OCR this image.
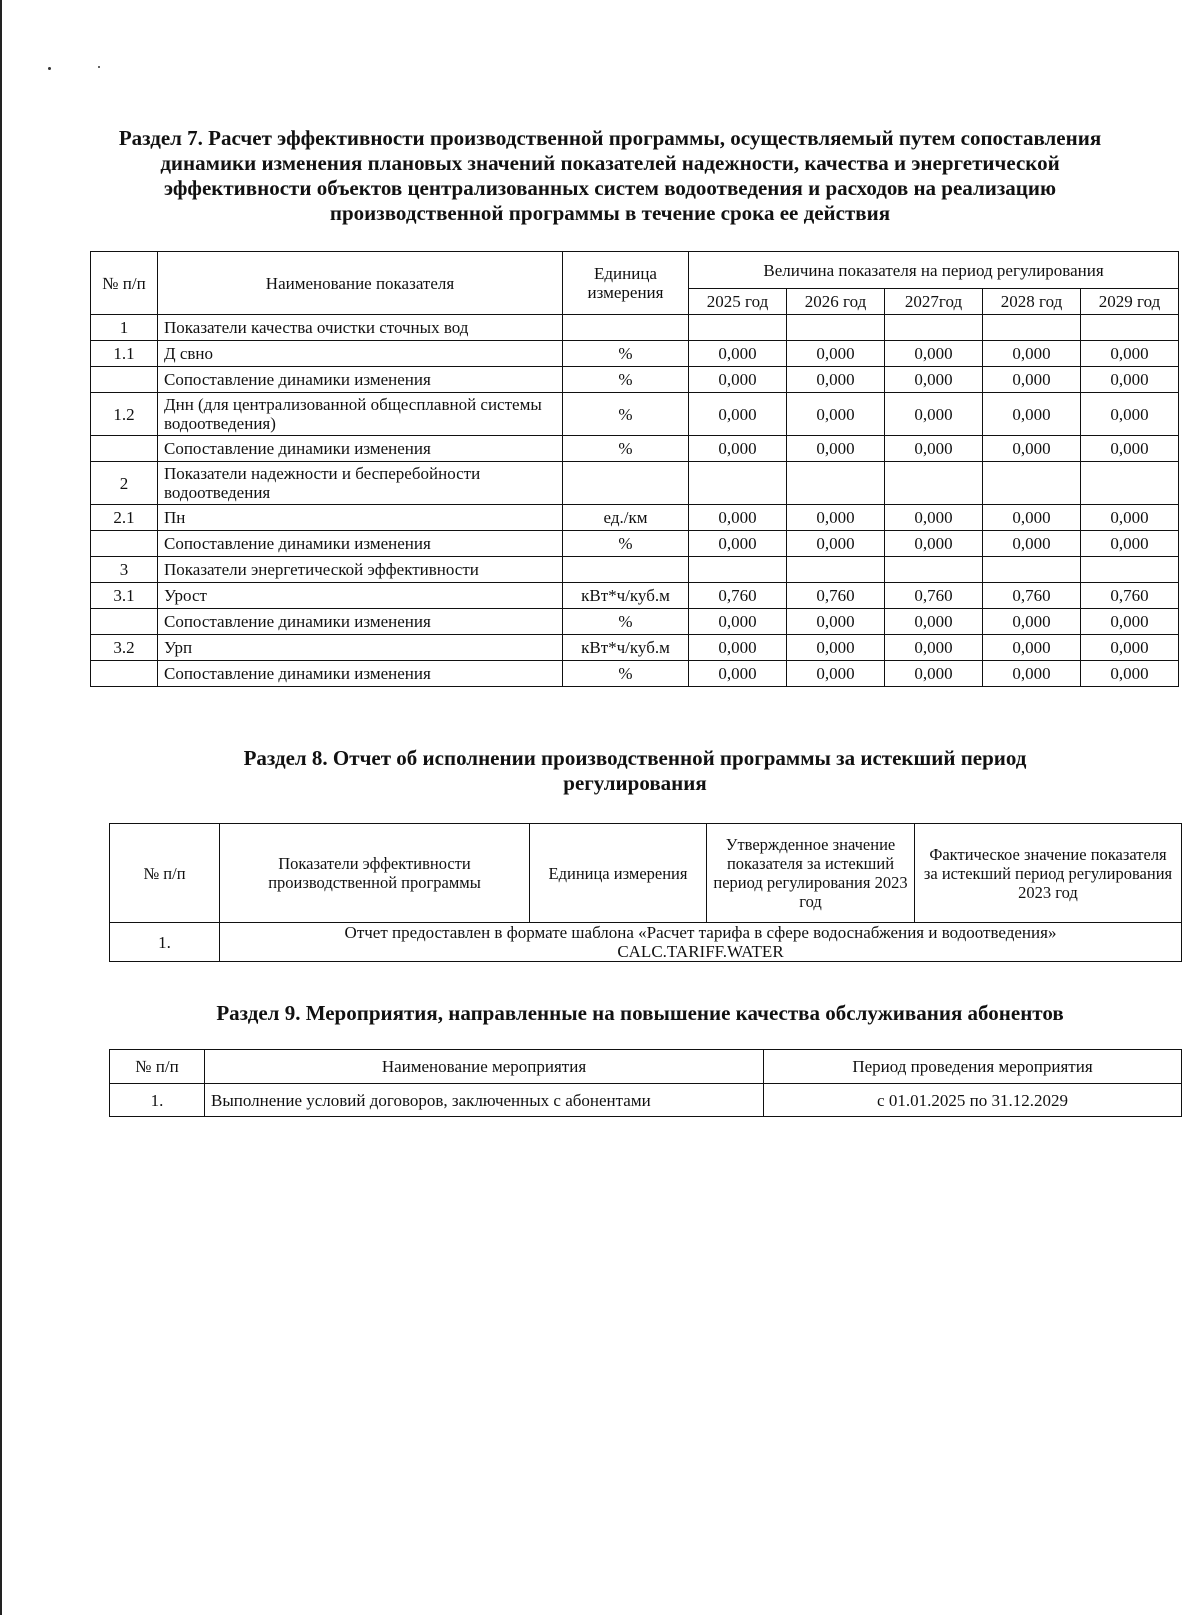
Раздел 7. Расчет эффективности производственной программы, осуществляемый путем сопоставления динамики изменения плановых значений показателей надежности, качества и энергетической эффективности объектов централизованных систем водоотведения и расходов на реализацию производственной программы в течение срока ее действия
№ п/п	Наименование показателя	Единица измерения	Величина показателя на период регулирования				
			2025 год	2026 год	2027год	2028 год	2029 год
1	Показатели качества очистки сточных вод						
1.1	Д свно	%	0,000	0,000	0,000	0,000	0,000
	Сопоставление динамики изменения	%	0,000	0,000	0,000	0,000	0,000
1.2	Днн (для централизованной общесплавной системы водоотведения)	%	0,000	0,000	0,000	0,000	0,000
	Сопоставление динамики изменения	%	0,000	0,000	0,000	0,000	0,000
2	Показатели надежности и бесперебойности водоотведения						
2.1	Пн	ед./км	0,000	0,000	0,000	0,000	0,000
	Сопоставление динамики изменения	%	0,000	0,000	0,000	0,000	0,000
3	Показатели энергетической эффективности						
3.1	Урост	кВт*ч/куб.м	0,760	0,760	0,760	0,760	0,760
	Сопоставление динамики изменения	%	0,000	0,000	0,000	0,000	0,000
3.2	Урп	кВт*ч/куб.м	0,000	0,000	0,000	0,000	0,000
	Сопоставление динамики изменения	%	0,000	0,000	0,000	0,000	0,000
Раздел 8. Отчет об исполнении производственной программы за истекший период регулирования
№ п/п	Показатели эффективности производственной программы	Единица измерения	Утвержденное значение показателя за истекший период регулирования 2023 год	Фактическое значение показателя за истекший период регулирования 2023 год
1.	Отчет предоставлен в формате шаблона «Расчет тарифа в сфере водоснабжения и водоотведения» CALC.TARIFF.WATER			
Раздел 9. Мероприятия, направленные на повышение качества обслуживания абонентов
№ п/п	Наименование мероприятия	Период проведения мероприятия
1.	Выполнение условий договоров, заключенных с абонентами	с 01.01.2025 по 31.12.2029
